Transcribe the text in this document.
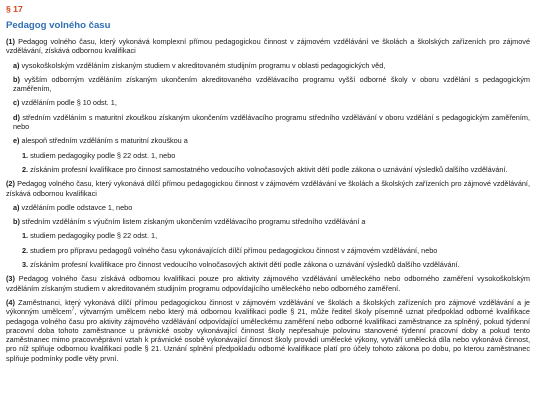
§ 17
Pedagog volného času

(1) Pedagog volného času, který vykonává komplexní přímou pedagogickou činnost v zájmovém vzdělávání ve školách a školských zařízeních pro zájmové vzdělávání, získává odbornou kvalifikaci

a) vysokoškolským vzděláním získaným studiem v akreditovaném studijním programu v oblasti pedagogických věd,

b) vyšším odborným vzděláním získaným ukončením akreditovaného vzdělávacího programu vyšší odborné školy v oboru vzdělání s pedagogickým zaměřením,

c) vzděláním podle § 10 odst. 1,

d) středním vzděláním s maturitní zkouškou získaným ukončením vzdělávacího programu středního vzdělávání v oboru vzdělání s pedagogickým zaměřením, nebo

e) alespoň středním vzděláním s maturitní zkouškou a

1. studiem pedagogiky podle § 22 odst. 1, nebo

2. získáním profesní kvalifikace pro činnost samostatného vedoucího volnočasových aktivit dětí podle zákona o uznávání výsledků dalšího vzdělávání.

(2) Pedagog volného času, který vykonává dílčí přímou pedagogickou činnost v zájmovém vzdělávání ve školách a školských zařízeních pro zájmové vzdělávání, získává odbornou kvalifikaci

a) vzděláním podle odstavce 1, nebo

b) středním vzděláním s výučním listem získaným ukončením vzdělávacího programu středního vzdělávání a

1. studiem pedagogiky podle § 22 odst. 1,

2. studiem pro přípravu pedagogů volného času vykonávajících dílčí přímou pedagogickou činnost v zájmovém vzdělávání, nebo

3. získáním profesní kvalifikace pro činnost vedoucího volnočasových aktivit dětí podle zákona o uznávání výsledků dalšího vzdělávání.

(3) Pedagog volného času získává odbornou kvalifikaci pouze pro aktivity zájmového vzdělávání uměleckého nebo odborného zaměření vysokoškolským vzděláním získaným studiem v akreditovaném studijním programu odpovídajícího uměleckého nebo odborného zaměření.

(4) Zaměstnanci, který vykonává dílčí přímou pedagogickou činnost v zájmovém vzdělávání ve školách a školských zařízeních pro zájmové vzdělávání a je výkonným umělcem$^7$, výtvarným umělcem nebo který má odbornou kvalifikaci podle § 21, může ředitel školy písemně uznat předpoklad odborné kvalifikace pedagoga volného času pro aktivity zájmového vzdělávání odpovídající uměleckému zaměření nebo odborné kvalifikaci zaměstnance za splněný, pokud týdenní pracovní doba tohoto zaměstnance u právnické osoby vykonávající činnost školy nepřesahuje polovinu stanovené týdenní pracovní doby a pokud tento zaměstnanec mimo pracovněprávní vztah k právnické osobě vykonávající činnost školy provádí umělecké výkony, vytváří umělecká díla nebo vykonává činnost, pro níž splňuje odbornou kvalifikaci podle § 21. Uznání splnění předpokladu odborné kvalifikace platí pro účely tohoto zákona po dobu, po kterou zaměstnanec splňuje podmínky podle věty první.
